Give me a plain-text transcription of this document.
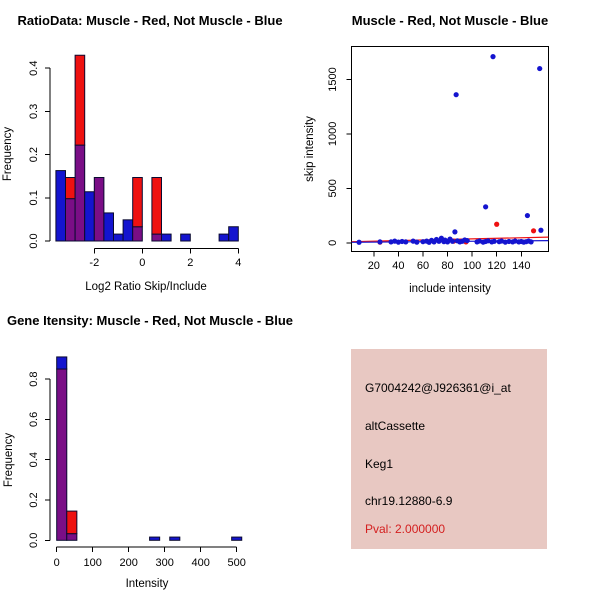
0.0
0.1
0.2
0.3
0.4
-2	0	2	4
RatioData: Muscle - Red, Not Muscle - Blue
Log2 Ratio Skip/Include
Frequency
20 40 60 80 100 120 140
0
500
1000
1500
Muscle - Red, Not Muscle - Blue
include intensity
skip intensity
0.0
0.2
0.4
0.6
0.8
0 100 200 300 400 500
Gene Itensity: Muscle - Red, Not Muscle - Blue
Intensity
Frequency
G7004242@J926361@i_at
altCassette
Keg1
chr19.12880-6.9
Pval: 2.000000
